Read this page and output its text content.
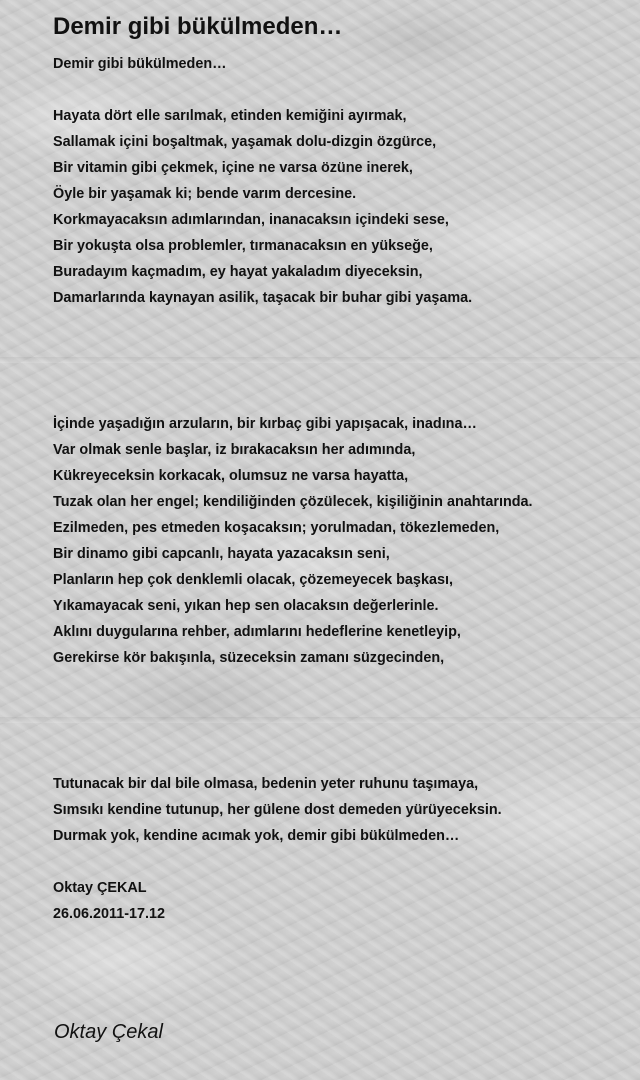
Demir gibi bükülmeden…
Demir gibi bükülmeden…
Hayata dört elle sarılmak, etinden kemiğini ayırmak,
Sallamak içini boşaltmak, yaşamak dolu-dizgin özgürce,
Bir vitamin gibi çekmek, içine ne varsa özüne inerek,
Öyle bir yaşamak ki; bende varım dercesine.
Korkmayacaksın adımlarından, inanacaksın içindeki sese,
Bir yokuşta olsa problemler, tırmanacaksın en yükseğe,
Buradayım kaçmadım, ey hayat yakaladım diyeceksin,
Damarlarında kaynayan asilik, taşacak bir buhar gibi yaşama.
İçinde yaşadığın arzuların, bir kırbaç gibi yapışacak, inadına…
Var olmak senle başlar, iz bırakacaksın her adımında,
Kükreyeceksin korkacak, olumsuz ne varsa hayatta,
Tuzak olan her engel; kendiliğinden çözülecek, kişiliğinin anahtarında.
Ezilmeden, pes etmeden koşacaksın; yorulmadan, tökezlemeden,
Bir dinamo gibi capcanlı, hayata yazacaksın seni,
Planların hep çok denklemli olacak, çözemeyecek başkası,
Yıkamayacak seni, yıkan hep sen olacaksın değerlerinle.
Aklını duygularına rehber, adımlarını hedeflerine kenetleyip,
Gerekirse kör bakışınla, süzeceksin zamanı süzgecinden,
Tutunacak bir dal bile olmasa, bedenin yeter ruhunu taşımaya,
Sımsıkı kendine tutunup, her gülene dost demeden yürüyeceksin.
Durmak yok, kendine acımak yok, demir gibi bükülmeden…
Oktay ÇEKAL
26.06.2011-17.12
Oktay Çekal
